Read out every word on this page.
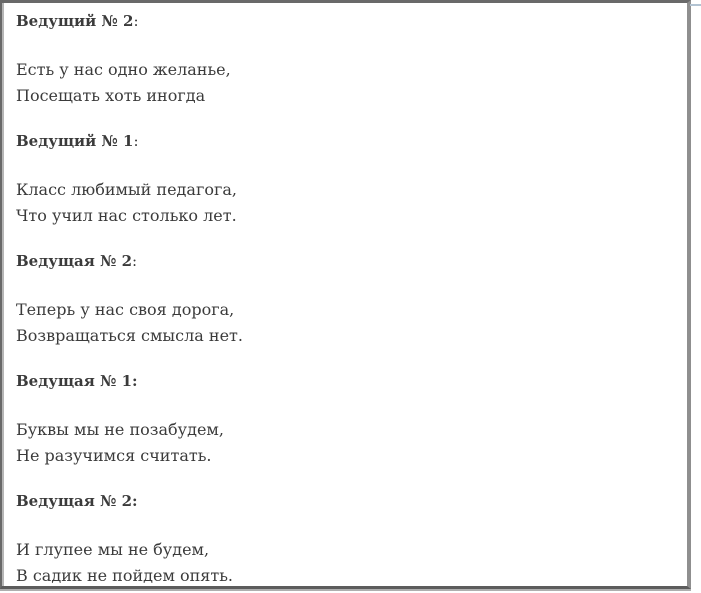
Ведущий № 2:

Есть у нас одно желанье,

Посещать хоть иногда

Ведущий № 1:

Класс любимый педагога,

Что учил нас столько лет.

Ведущая № 2:

Теперь у нас своя дорога,

Возвращаться смысла нет.

Ведущая № 1:

Буквы мы не позабудем,

Не разучимся считать.

Ведущая № 2:

И глупее мы не будем,

В садик не пойдем опять.
